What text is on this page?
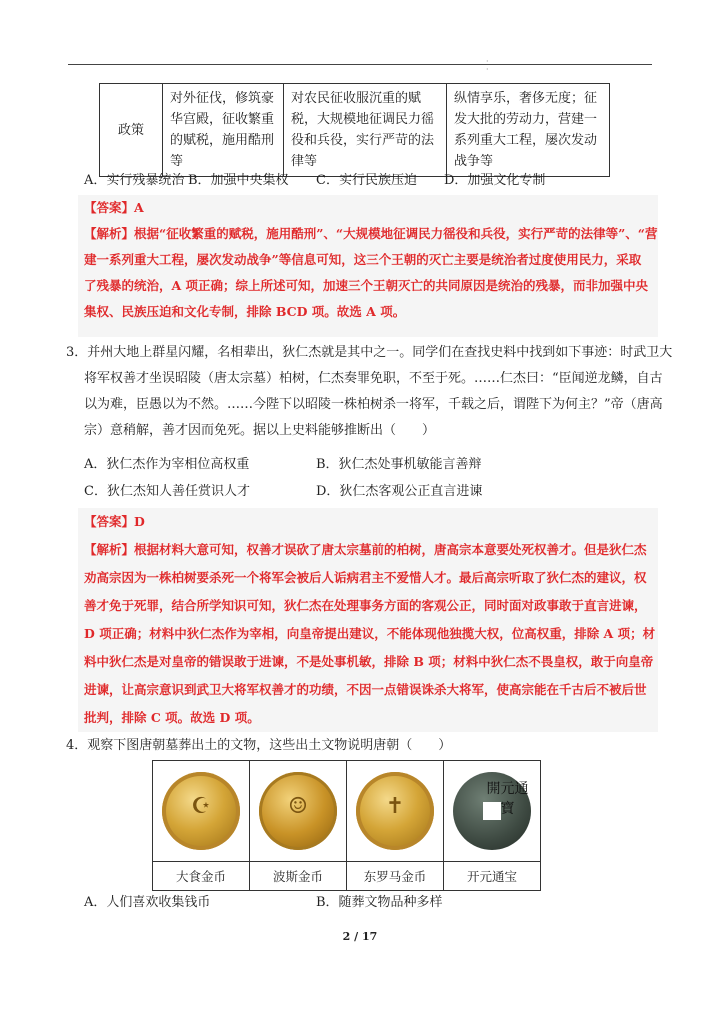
·
·
政策	对外征伐，修筑豪华宫殿，征收繁重的赋税，施用酷刑等	对农民征收服沉重的赋税，大规模地征调民力徭役和兵役，实行严苛的法律等	纵情享乐，奢侈无度；征发大批的劳动力，营建一系列重大工程，屡次发动战争等
A．实行残暴统治 B．加强中央集权 C．实行民族压迫 D．加强文化专制
【答案】A
【解析】根据“征收繁重的赋税，施用酷刑”、“大规模地征调民力徭役和兵役，实行严苛的法律等”、“营
建一系列重大工程，屡次发动战争”等信息可知，这三个王朝的灭亡主要是统治者过度使用民力，采取
了残暴的统治，A 项正确；综上所述可知，加速三个王朝灭亡的共同原因是统治的残暴，而非加强中央
集权、民族压迫和文化专制，排除 BCD 项。故选 A 项。
3．并州大地上群星闪耀，名相辈出，狄仁杰就是其中之一。同学们在查找史料中找到如下事迹：时武卫大
将军权善才坐误昭陵（唐太宗墓）柏树，仁杰奏罪免职，不至于死。……仁杰曰：“臣闻逆龙鳞，自古
以为难，臣愚以为不然。……今陛下以昭陵一株柏树杀一将军，千载之后，谓陛下为何主？”帝（唐高
宗）意稍解，善才因而免死。据以上史料能够推断出（　　）
A．狄仁杰作为宰相位高权重	B．狄仁杰处事机敏能言善辩
C．狄仁杰知人善任赏识人才	D．狄仁杰客观公正直言进谏
【答案】D
【解析】根据材料大意可知，权善才误砍了唐太宗墓前的柏树，唐高宗本意要处死权善才。但是狄仁杰
劝高宗因为一株柏树要杀死一个将军会被后人诟病君主不爱惜人才。最后高宗听取了狄仁杰的建议，权
善才免于死罪，结合所学知识可知，狄仁杰在处理事务方面的客观公正，同时面对政事敢于直言进谏，
D 项正确；材料中狄仁杰作为宰相，向皇帝提出建议，不能体现他独揽大权，位高权重，排除 A 项；材
料中狄仁杰是对皇帝的错误敢于进谏，不是处事机敏，排除 B 项；材料中狄仁杰不畏皇权，敢于向皇帝
进谏，让高宗意识到武卫大将军权善才的功绩，不因一点错误诛杀大将军，使高宗能在千古后不被后世
批判，排除 C 项。故选 D 项。
4．观察下图唐朝墓葬出土的文物，这些出土文物说明唐朝（　　）
☪	☺	✝	開元通寶

大食金币	波斯金币	东罗马金币	开元通宝
A．人们喜欢收集钱币	B．随葬文物品种多样
2 / 17
